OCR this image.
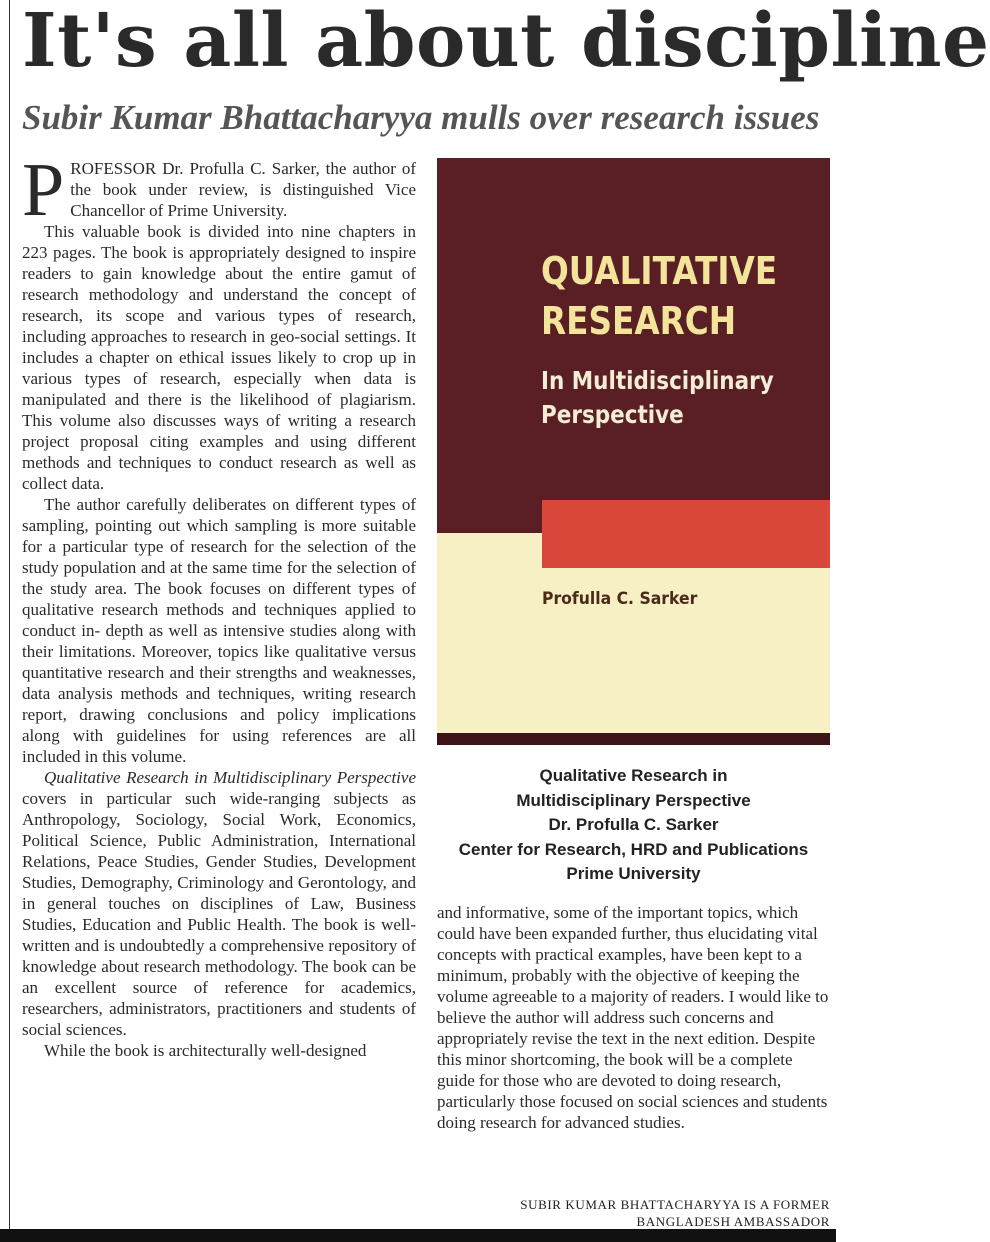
It's all about discipline
Subir Kumar Bhattacharyya mulls over research issues

PROFESSOR Dr. Profulla C. Sarker, the author of the book under review, is distinguished Vice Chancellor of Prime University.

This valuable book is divided into nine chapters in 223 pages. The book is appropriately designed to inspire readers to gain knowledge about the entire gamut of research methodology and understand the concept of research, its scope and various types of research, including approaches to research in geo-social settings. It includes a chapter on ethical issues likely to crop up in various types of research, especially when data is manipulated and there is the likelihood of plagiarism. This volume also discusses ways of writing a research project proposal citing examples and using different methods and techniques to conduct research as well as collect data.

The author carefully deliberates on different types of sampling, pointing out which sampling is more suitable for a particular type of research for the selection of the study population and at the same time for the selection of the study area. The book focuses on different types of qualitative research methods and techniques applied to conduct in- depth as well as intensive studies along with their limitations. Moreover, topics like qualitative versus quantitative research and their strengths and weaknesses, data analysis methods and techniques, writing research report, drawing conclusions and policy implications along with guidelines for using references are all included in this volume.

Qualitative Research in Multidisciplinary Perspective covers in particular such wide-ranging subjects as Anthropology, Sociology, Social Work, Economics, Political Science, Public Administration, International Relations, Peace Studies, Gender Studies, Development Studies, Demography, Criminology and Gerontology, and in general touches on disciplines of Law, Business Studies, Education and Public Health. The book is well-written and is undoubtedly a comprehensive repository of knowledge about research methodology. The book can be an excellent source of reference for academics, researchers, administrators, practitioners and students of social sciences.

While the book is architecturally well-designed

QUALITATIVE
RESEARCH
In Multidisciplinary
Perspective
Profulla C. Sarker
Qualitative Research in
Multidisciplinary Perspective
Dr. Profulla C. Sarker
Center for Research, HRD and Publications
Prime University

and informative, some of the important topics, which could have been expanded further, thus elucidating vital concepts with practical examples, have been kept to a minimum, probably with the objective of keeping the volume agreeable to a majority of readers. I would like to believe the author will address such concerns and appropriately revise the text in the next edition. Despite this minor shortcoming, the book will be a complete guide for those who are devoted to doing research, particularly those focused on social sciences and students doing research for advanced studies.

SUBIR KUMAR BHATTACHARYYA IS A FORMER
BANGLADESH AMBASSADOR
